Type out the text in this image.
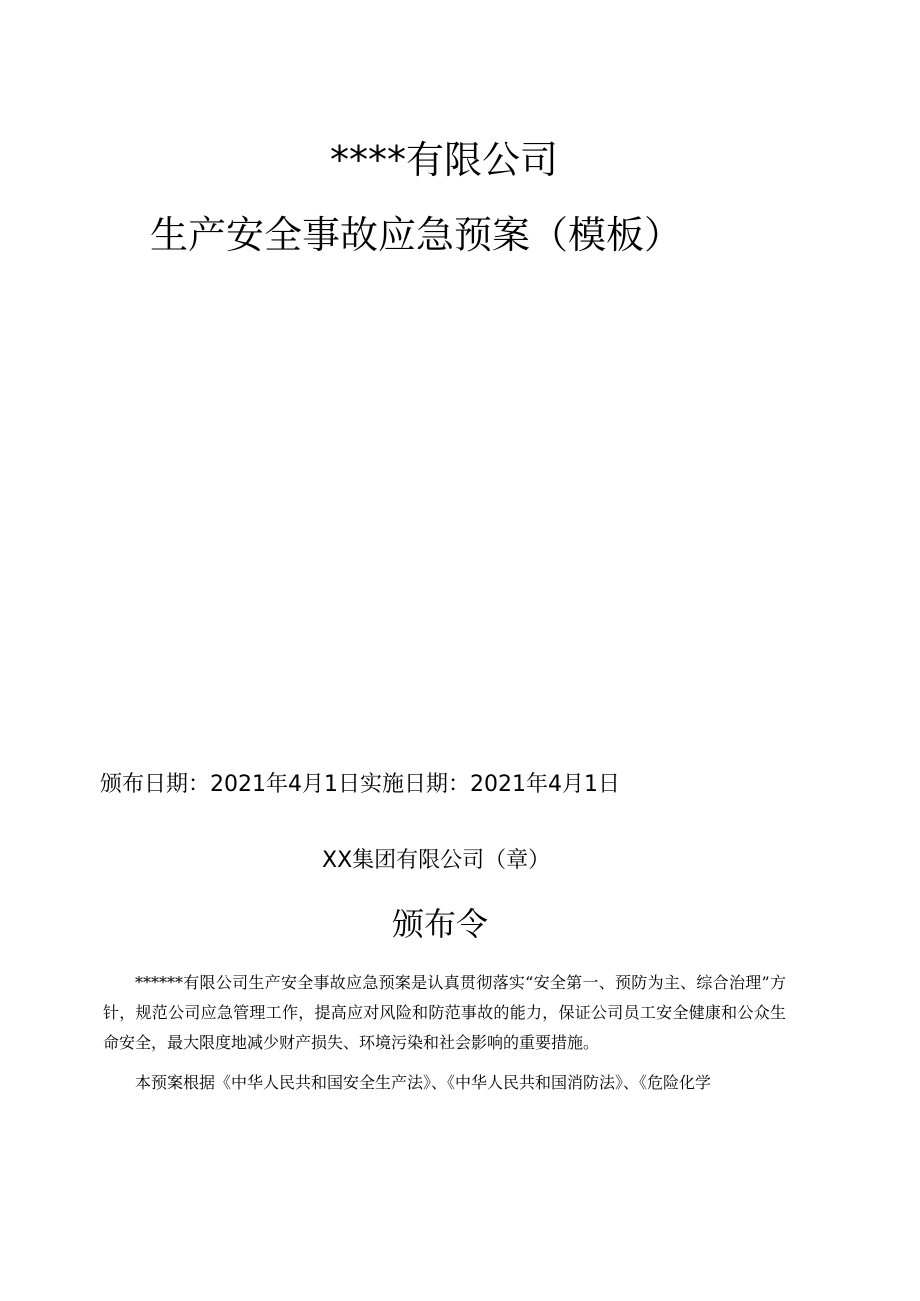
****有限公司
生产安全事故应急预案（模板）
颁布日期：2021年4月1日实施日期：2021年4月1日
XX集团有限公司（章）
颁布令

******有限公司生产安全事故应急预案是认真贯彻落实“安全第一、预防为主、综合治理”方针，规范公司应急管理工作，提高应对风险和防范事故的能力，保证公司员工安全健康和公众生命安全，最大限度地减少财产损失、环境污染和社会影响的重要措施。

本预案根据《中华人民共和国安全生产法》、《中华人民共和国消防法》、《危险化学
